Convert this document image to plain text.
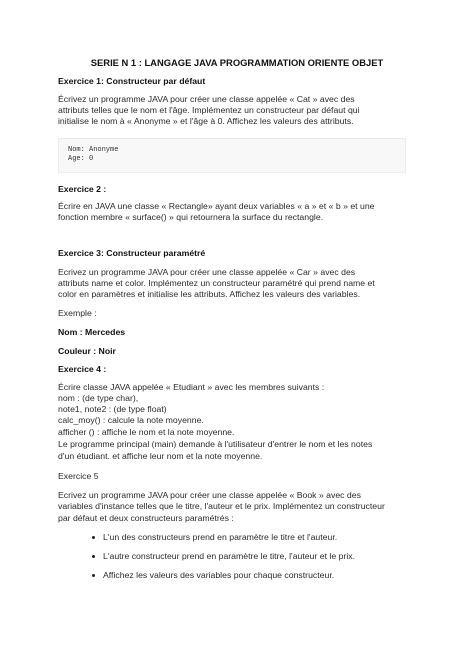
SERIE N 1 : LANGAGE JAVA PROGRAMMATION ORIENTE OBJET
Exercice 1: Constructeur par défaut
Écrivez un programme JAVA pour créer une classe appelée « Cat » avec des
attributs telles que le nom et l'âge. Implémentez un constructeur par défaut qui
initialise le nom à « Anonyme » et l'âge à 0. Affichez les valeurs des attributs.
Nom: Anonyme
Age: 0
Exercice 2 :
Écrire en JAVA une classe « Rectangle» ayant deux variables « a » et « b » et une
fonction membre « surface() » qui retournera la surface du rectangle.
Exercice 3: Constructeur paramétré
Ecrivez un programme JAVA pour créer une classe appelée « Car » avec des
attributs name et color. Implémentez un constructeur paramétré qui prend name et
color en paramètres et initialise les attributs. Affichez les valeurs des variables.
Exemple :
Nom : Mercedes
Couleur : Noir
Exercice 4 :
Écrire classe JAVA appelée « Etudiant » avec les membres suivants :
nom : (de type char),
note1, note2 : (de type float)
calc_moy() : calcule la note moyenne.
afficher () : affiche le nom et la note moyenne.
Le programme principal (main) demande à l'utilisateur d'entrer le nom et les notes
d'un étudiant. et affiche leur nom et la note moyenne.
Exercice 5
Ecrivez un programme JAVA pour créer une classe appelée « Book » avec des
variables d'instance telles que le titre, l'auteur et le prix. Implémentez un constructeur
par défaut et deux constructeurs paramétrés :
L'un des constructeurs prend en paramètre le titre et l'auteur.
L'autre constructeur prend en paramètre le titre, l'auteur et le prix.
Affichez les valeurs des variables pour chaque constructeur.
